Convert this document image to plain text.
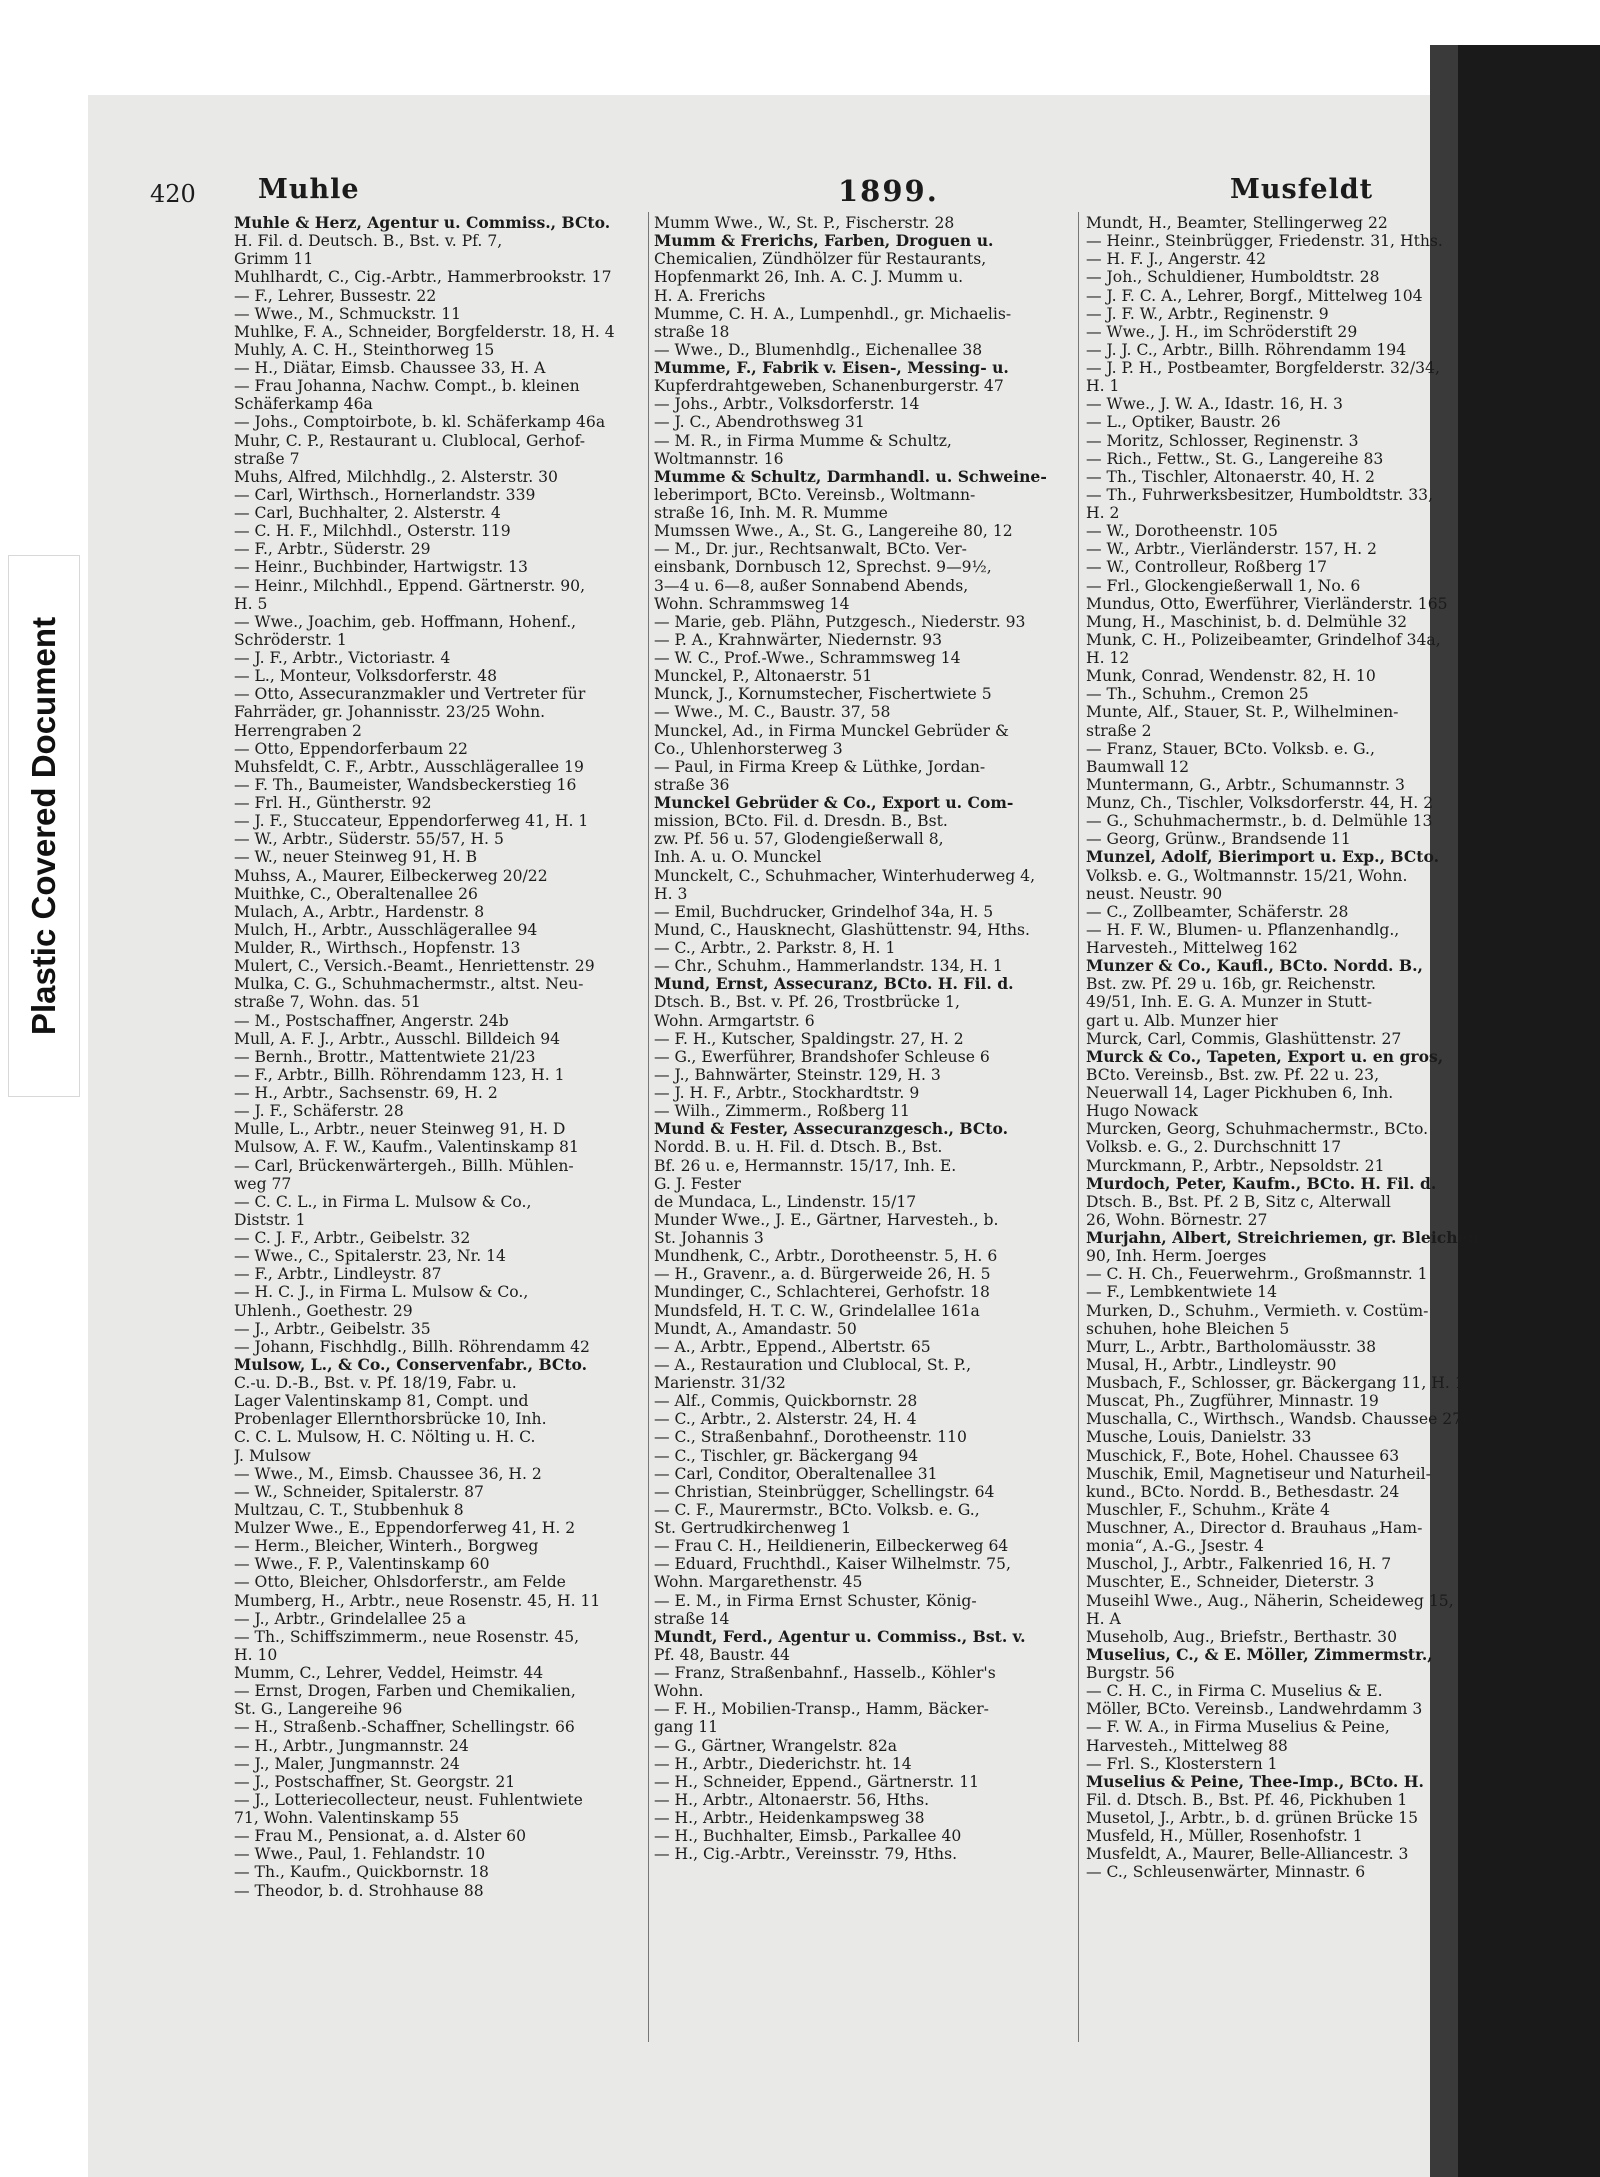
Plastic Covered Document
420 Muhle	1899.	Musfeldt
Muhle & Herz, Agentur u. Commiss., BCto.
H. Fil. d. Deutsch. B., Bst. v. Pf. 7,
Grimm 11
Muhlhardt, C., Cig.-Arbtr., Hammerbrookstr. 17
— F., Lehrer, Bussestr. 22
— Wwe., M., Schmuckstr. 11
Muhlke, F. A., Schneider, Borgfelderstr. 18, H. 4
Muhly, A. C. H., Steinthorweg 15
— H., Diätar, Eimsb. Chaussee 33, H. A
— Frau Johanna, Nachw. Compt., b. kleinen
Schäferkamp 46a
— Johs., Comptoirbote, b. kl. Schäferkamp 46a
Muhr, C. P., Restaurant u. Clublocal, Gerhof-
straße 7
Muhs, Alfred, Milchhdlg., 2. Alsterstr. 30
— Carl, Wirthsch., Hornerlandstr. 339
— Carl, Buchhalter, 2. Alsterstr. 4
— C. H. F., Milchhdl., Osterstr. 119
— F., Arbtr., Süderstr. 29
— Heinr., Buchbinder, Hartwigstr. 13
— Heinr., Milchhdl., Eppend. Gärtnerstr. 90,
H. 5
— Wwe., Joachim, geb. Hoffmann, Hohenf.,
Schröderstr. 1
— J. F., Arbtr., Victoriastr. 4
— L., Monteur, Volksdorferstr. 48
— Otto, Assecuranzmakler und Vertreter für
Fahrräder, gr. Johannisstr. 23/25 Wohn.
Herrengraben 2
— Otto, Eppendorferbaum 22
Muhsfeldt, C. F., Arbtr., Ausschlägerallee 19
— F. Th., Baumeister, Wandsbeckerstieg 16
— Frl. H., Güntherstr. 92
— J. F., Stuccateur, Eppendorferweg 41, H. 1
— W., Arbtr., Süderstr. 55/57, H. 5
— W., neuer Steinweg 91, H. B
Muhss, A., Maurer, Eilbeckerweg 20/22
Muithke, C., Oberaltenallee 26
Mulach, A., Arbtr., Hardenstr. 8
Mulch, H., Arbtr., Ausschlägerallee 94
Mulder, R., Wirthsch., Hopfenstr. 13
Mulert, C., Versich.-Beamt., Henriettenstr. 29
Mulka, C. G., Schuhmachermstr., altst. Neu-
straße 7, Wohn. das. 51
— M., Postschaffner, Angerstr. 24b
Mull, A. F. J., Arbtr., Ausschl. Billdeich 94
— Bernh., Brottr., Mattentwiete 21/23
— F., Arbtr., Billh. Röhrendamm 123, H. 1
— H., Arbtr., Sachsenstr. 69, H. 2
— J. F., Schäferstr. 28
Mulle, L., Arbtr., neuer Steinweg 91, H. D
Mulsow, A. F. W., Kaufm., Valentinskamp 81
— Carl, Brückenwärtergeh., Billh. Mühlen-
weg 77
— C. C. L., in Firma L. Mulsow & Co.,
Diststr. 1
— C. J. F., Arbtr., Geibelstr. 32
— Wwe., C., Spitalerstr. 23, Nr. 14
— F., Arbtr., Lindleystr. 87
— H. C. J., in Firma L. Mulsow & Co.,
Uhlenh., Goethestr. 29
— J., Arbtr., Geibelstr. 35
— Johann, Fischhdlg., Billh. Röhrendamm 42
Mulsow, L., & Co., Conservenfabr., BCto.
C.-u. D.-B., Bst. v. Pf. 18/19, Fabr. u.
Lager Valentinskamp 81, Compt. und
Probenlager Ellernthorsbrücke 10, Inh.
C. C. L. Mulsow, H. C. Nölting u. H. C.
J. Mulsow
— Wwe., M., Eimsb. Chaussee 36, H. 2
— W., Schneider, Spitalerstr. 87
Multzau, C. T., Stubbenhuk 8
Mulzer Wwe., E., Eppendorferweg 41, H. 2
— Herm., Bleicher, Winterh., Borgweg
— Wwe., F. P., Valentinskamp 60
— Otto, Bleicher, Ohlsdorferstr., am Felde
Mumberg, H., Arbtr., neue Rosenstr. 45, H. 11
— J., Arbtr., Grindelallee 25 a
— Th., Schiffszimmerm., neue Rosenstr. 45,
H. 10
Mumm, C., Lehrer, Veddel, Heimstr. 44
— Ernst, Drogen, Farben und Chemikalien,
St. G., Langereihe 96
— H., Straßenb.-Schaffner, Schellingstr. 66
— H., Arbtr., Jungmannstr. 24
— J., Maler, Jungmannstr. 24
— J., Postschaffner, St. Georgstr. 21
— J., Lotteriecollecteur, neust. Fuhlentwiete
71, Wohn. Valentinskamp 55
— Frau M., Pensionat, a. d. Alster 60
— Wwe., Paul, 1. Fehlandstr. 10
— Th., Kaufm., Quickbornstr. 18
— Theodor, b. d. Strohhause 88
Mumm Wwe., W., St. P., Fischerstr. 28
Mumm & Frerichs, Farben, Droguen u.
Chemicalien, Zündhölzer für Restaurants,
Hopfenmarkt 26, Inh. A. C. J. Mumm u.
H. A. Frerichs
Mumme, C. H. A., Lumpenhdl., gr. Michaelis-
straße 18
— Wwe., D., Blumenhdlg., Eichenallee 38
Mumme, F., Fabrik v. Eisen-, Messing- u.
Kupferdrahtgeweben, Schanenburgerstr. 47
— Johs., Arbtr., Volksdorferstr. 14
— J. C., Abendrothsweg 31
— M. R., in Firma Mumme & Schultz,
Woltmannstr. 16
Mumme & Schultz, Darmhandl. u. Schweine-
leberimport, BCto. Vereinsb., Woltmann-
straße 16, Inh. M. R. Mumme
Mumssen Wwe., A., St. G., Langereihe 80, 12
— M., Dr. jur., Rechtsanwalt, BCto. Ver-
einsbank, Dornbusch 12, Sprechst. 9—9½,
3—4 u. 6—8, außer Sonnabend Abends,
Wohn. Schrammsweg 14
— Marie, geb. Plähn, Putzgesch., Niederstr. 93
— P. A., Krahnwärter, Niedernstr. 93
— W. C., Prof.-Wwe., Schrammsweg 14
Munckel, P., Altonaerstr. 51
Munck, J., Kornumstecher, Fischertwiete 5
— Wwe., M. C., Baustr. 37, 58
Munckel, Ad., in Firma Munckel Gebrüder &
Co., Uhlenhorsterweg 3
— Paul, in Firma Kreep & Lüthke, Jordan-
straße 36
Munckel Gebrüder & Co., Export u. Com-
mission, BCto. Fil. d. Dresdn. B., Bst.
zw. Pf. 56 u. 57, Glodengießerwall 8,
Inh. A. u. O. Munckel
Munckelt, C., Schuhmacher, Winterhuderweg 4,
H. 3
— Emil, Buchdrucker, Grindelhof 34a, H. 5
Mund, C., Hausknecht, Glashüttenstr. 94, Hths.
— C., Arbtr., 2. Parkstr. 8, H. 1
— Chr., Schuhm., Hammerlandstr. 134, H. 1
Mund, Ernst, Assecuranz, BCto. H. Fil. d.
Dtsch. B., Bst. v. Pf. 26, Trostbrücke 1,
Wohn. Armgartstr. 6
— F. H., Kutscher, Spaldingstr. 27, H. 2
— G., Ewerführer, Brandshofer Schleuse 6
— J., Bahnwärter, Steinstr. 129, H. 3
— J. H. F., Arbtr., Stockhardtstr. 9
— Wilh., Zimmerm., Roßberg 11
Mund & Fester, Assecuranzgesch., BCto.
Nordd. B. u. H. Fil. d. Dtsch. B., Bst.
Bf. 26 u. e, Hermannstr. 15/17, Inh. E.
G. J. Fester
de Mundaca, L., Lindenstr. 15/17
Munder Wwe., J. E., Gärtner, Harvesteh., b.
St. Johannis 3
Mundhenk, C., Arbtr., Dorotheenstr. 5, H. 6
— H., Gravenr., a. d. Bürgerweide 26, H. 5
Mundinger, C., Schlachterei, Gerhofstr. 18
Mundsfeld, H. T. C. W., Grindelallee 161a
Mundt, A., Amandastr. 50
— A., Arbtr., Eppend., Albertstr. 65
— A., Restauration und Clublocal, St. P.,
Marienstr. 31/32
— Alf., Commis, Quickbornstr. 28
— C., Arbtr., 2. Alsterstr. 24, H. 4
— C., Straßenbahnf., Dorotheenstr. 110
— C., Tischler, gr. Bäckergang 94
— Carl, Conditor, Oberaltenallee 31
— Christian, Steinbrügger, Schellingstr. 64
— C. F., Maurermstr., BCto. Volksb. e. G.,
St. Gertrudkirchenweg 1
— Frau C. H., Heildienerin, Eilbeckerweg 64
— Eduard, Fruchthdl., Kaiser Wilhelmstr. 75,
Wohn. Margarethenstr. 45
— E. M., in Firma Ernst Schuster, König-
straße 14
Mundt, Ferd., Agentur u. Commiss., Bst. v.
Pf. 48, Baustr. 44
— Franz, Straßenbahnf., Hasselb., Köhler's
Wohn.
— F. H., Mobilien-Transp., Hamm, Bäcker-
gang 11
— G., Gärtner, Wrangelstr. 82a
— H., Arbtr., Diederichstr. ht. 14
— H., Schneider, Eppend., Gärtnerstr. 11
— H., Arbtr., Altonaerstr. 56, Hths.
— H., Arbtr., Heidenkampsweg 38
— H., Buchhalter, Eimsb., Parkallee 40
— H., Cig.-Arbtr., Vereinsstr. 79, Hths.
Mundt, H., Beamter, Stellingerweg 22
— Heinr., Steinbrügger, Friedenstr. 31, Hths.
— H. F. J., Angerstr. 42
— Joh., Schuldiener, Humboldtstr. 28
— J. F. C. A., Lehrer, Borgf., Mittelweg 104
— J. F. W., Arbtr., Reginenstr. 9
— Wwe., J. H., im Schröderstift 29
— J. J. C., Arbtr., Billh. Röhrendamm 194
— J. P. H., Postbeamter, Borgfelderstr. 32/34,
H. 1
— Wwe., J. W. A., Idastr. 16, H. 3
— L., Optiker, Baustr. 26
— Moritz, Schlosser, Reginenstr. 3
— Rich., Fettw., St. G., Langereihe 83
— Th., Tischler, Altonaerstr. 40, H. 2
— Th., Fuhrwerksbesitzer, Humboldtstr. 33,
H. 2
— W., Dorotheenstr. 105
— W., Arbtr., Vierländerstr. 157, H. 2
— W., Controlleur, Roßberg 17
— Frl., Glockengießerwall 1, No. 6
Mundus, Otto, Ewerführer, Vierländerstr. 165
Mung, H., Maschinist, b. d. Delmühle 32
Munk, C. H., Polizeibeamter, Grindelhof 34a,
H. 12
Munk, Conrad, Wendenstr. 82, H. 10
— Th., Schuhm., Cremon 25
Munte, Alf., Stauer, St. P., Wilhelminen-
straße 2
— Franz, Stauer, BCto. Volksb. e. G.,
Baumwall 12
Muntermann, G., Arbtr., Schumannstr. 3
Munz, Ch., Tischler, Volksdorferstr. 44, H. 2
— G., Schuhmachermstr., b. d. Delmühle 13
— Georg, Grünw., Brandsende 11
Munzel, Adolf, Bierimport u. Exp., BCto.
Volksb. e. G., Woltmannstr. 15/21, Wohn.
neust. Neustr. 90
— C., Zollbeamter, Schäferstr. 28
— H. F. W., Blumen- u. Pflanzenhandlg.,
Harvesteh., Mittelweg 162
Munzer & Co., Kaufl., BCto. Nordd. B.,
Bst. zw. Pf. 29 u. 16b, gr. Reichenstr.
49/51, Inh. E. G. A. Munzer in Stutt-
gart u. Alb. Munzer hier
Murck, Carl, Commis, Glashüttenstr. 27
Murck & Co., Tapeten, Export u. en gros,
BCto. Vereinsb., Bst. zw. Pf. 22 u. 23,
Neuerwall 14, Lager Pickhuben 6, Inh.
Hugo Nowack
Murcken, Georg, Schuhmachermstr., BCto.
Volksb. e. G., 2. Durchschnitt 17
Murckmann, P., Arbtr., Nepsoldstr. 21
Murdoch, Peter, Kaufm., BCto. H. Fil. d.
Dtsch. B., Bst. Pf. 2 B, Sitz c, Alterwall
26, Wohn. Börnestr. 27
Murjahn, Albert, Streichriemen, gr. Bleichen
90, Inh. Herm. Joerges
— C. H. Ch., Feuerwehrm., Großmannstr. 1
— F., Lembkentwiete 14
Murken, D., Schuhm., Vermieth. v. Costüm-
schuhen, hohe Bleichen 5
Murr, L., Arbtr., Bartholomäusstr. 38
Musal, H., Arbtr., Lindleystr. 90
Musbach, F., Schlosser, gr. Bäckergang 11, H. 1
Muscat, Ph., Zugführer, Minnastr. 19
Muschalla, C., Wirthsch., Wandsb. Chaussee 276
Musche, Louis, Danielstr. 33
Muschick, F., Bote, Hohel. Chaussee 63
Muschik, Emil, Magnetiseur und Naturheil-
kund., BCto. Nordd. B., Bethesdastr. 24
Muschler, F., Schuhm., Kräte 4
Muschner, A., Director d. Brauhaus „Ham-
monia“, A.-G., Jsestr. 4
Muschol, J., Arbtr., Falkenried 16, H. 7
Muschter, E., Schneider, Dieterstr. 3
Museihl Wwe., Aug., Näherin, Scheideweg 15,
H. A
Museholb, Aug., Briefstr., Berthastr. 30
Muselius, C., & E. Möller, Zimmermstr.,
Burgstr. 56
— C. H. C., in Firma C. Muselius & E.
Möller, BCto. Vereinsb., Landwehrdamm 3
— F. W. A., in Firma Muselius & Peine,
Harvesteh., Mittelweg 88
— Frl. S., Klosterstern 1
Muselius & Peine, Thee-Imp., BCto. H.
Fil. d. Dtsch. B., Bst. Pf. 46, Pickhuben 1
Musetol, J., Arbtr., b. d. grünen Brücke 15
Musfeld, H., Müller, Rosenhofstr. 1
Musfeldt, A., Maurer, Belle-Alliancestr. 3
— C., Schleusenwärter, Minnastr. 6
